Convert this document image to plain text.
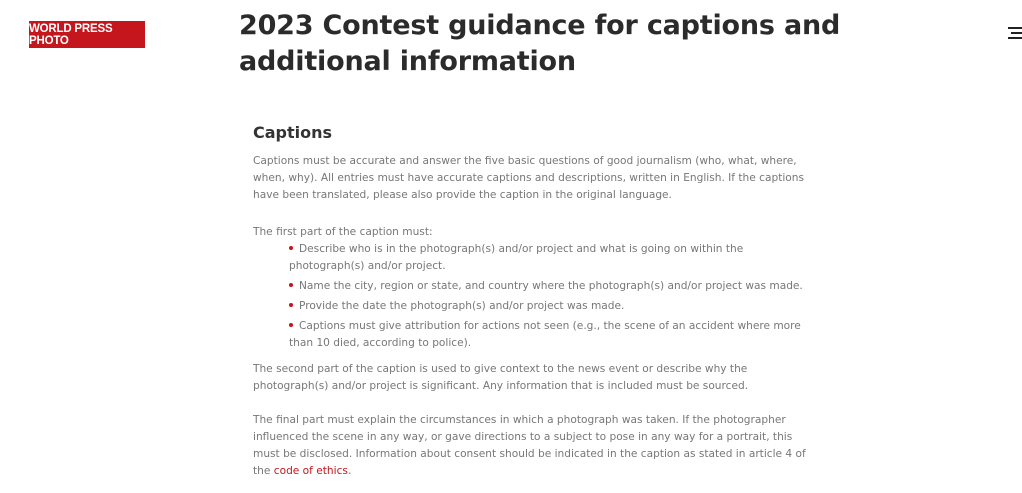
WORLD PRESS PHOTO	2023 Contest guidance for captions and additional information
Captions

Captions must be accurate and answer the five basic questions of good journalism (who, what, where, when, why). All entries must have accurate captions and descriptions, written in English. If the captions have been translated, please also provide the caption in the original language.

The first part of the caption must:

Describe who is in the photograph(s) and/or project and what is going on within the photograph(s) and/or project.
Name the city, region or state, and country where the photograph(s) and/or project was made.
Provide the date the photograph(s) and/or project was made.
Captions must give attribution for actions not seen (e.g., the scene of an accident where more than 10 died, according to police).

The second part of the caption is used to give context to the news event or describe why the photograph(s) and/or project is significant. Any information that is included must be sourced.

The final part must explain the circumstances in which a photograph was taken. If the photographer influenced the scene in any way, or gave directions to a subject to pose in any way for a portrait, this must be disclosed. Information about consent should be indicated in the caption as stated in article 4 of the code of ethics.
